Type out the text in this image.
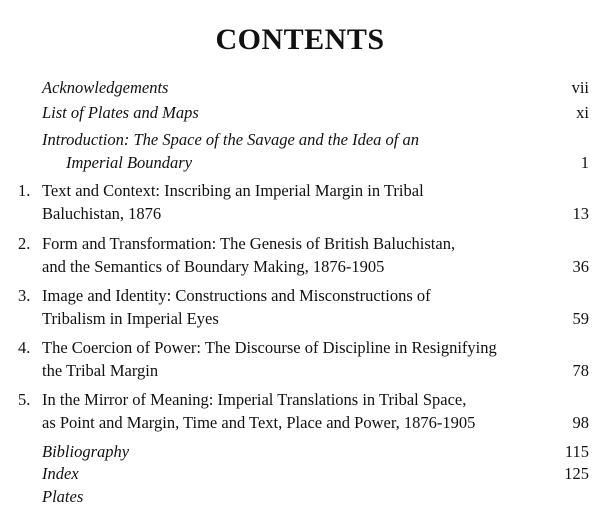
CONTENTS
Acknowledgements	vii
List of Plates and Maps	xi
Introduction: The Space of the Savage and the Idea of an
Imperial Boundary	1
1. Text and Context: Inscribing an Imperial Margin in Tribal
Baluchistan, 1876	13
2. Form and Transformation: The Genesis of British Baluchistan,
and the Semantics of Boundary Making, 1876-1905	36
3. Image and Identity: Constructions and Misconstructions of
Tribalism in Imperial Eyes	59
4. The Coercion of Power: The Discourse of Discipline in Resignifying
the Tribal Margin	78
5. In the Mirror of Meaning: Imperial Translations in Tribal Space,
as Point and Margin, Time and Text, Place and Power, 1876-1905	98
Bibliography	115
Index	125
Plates
